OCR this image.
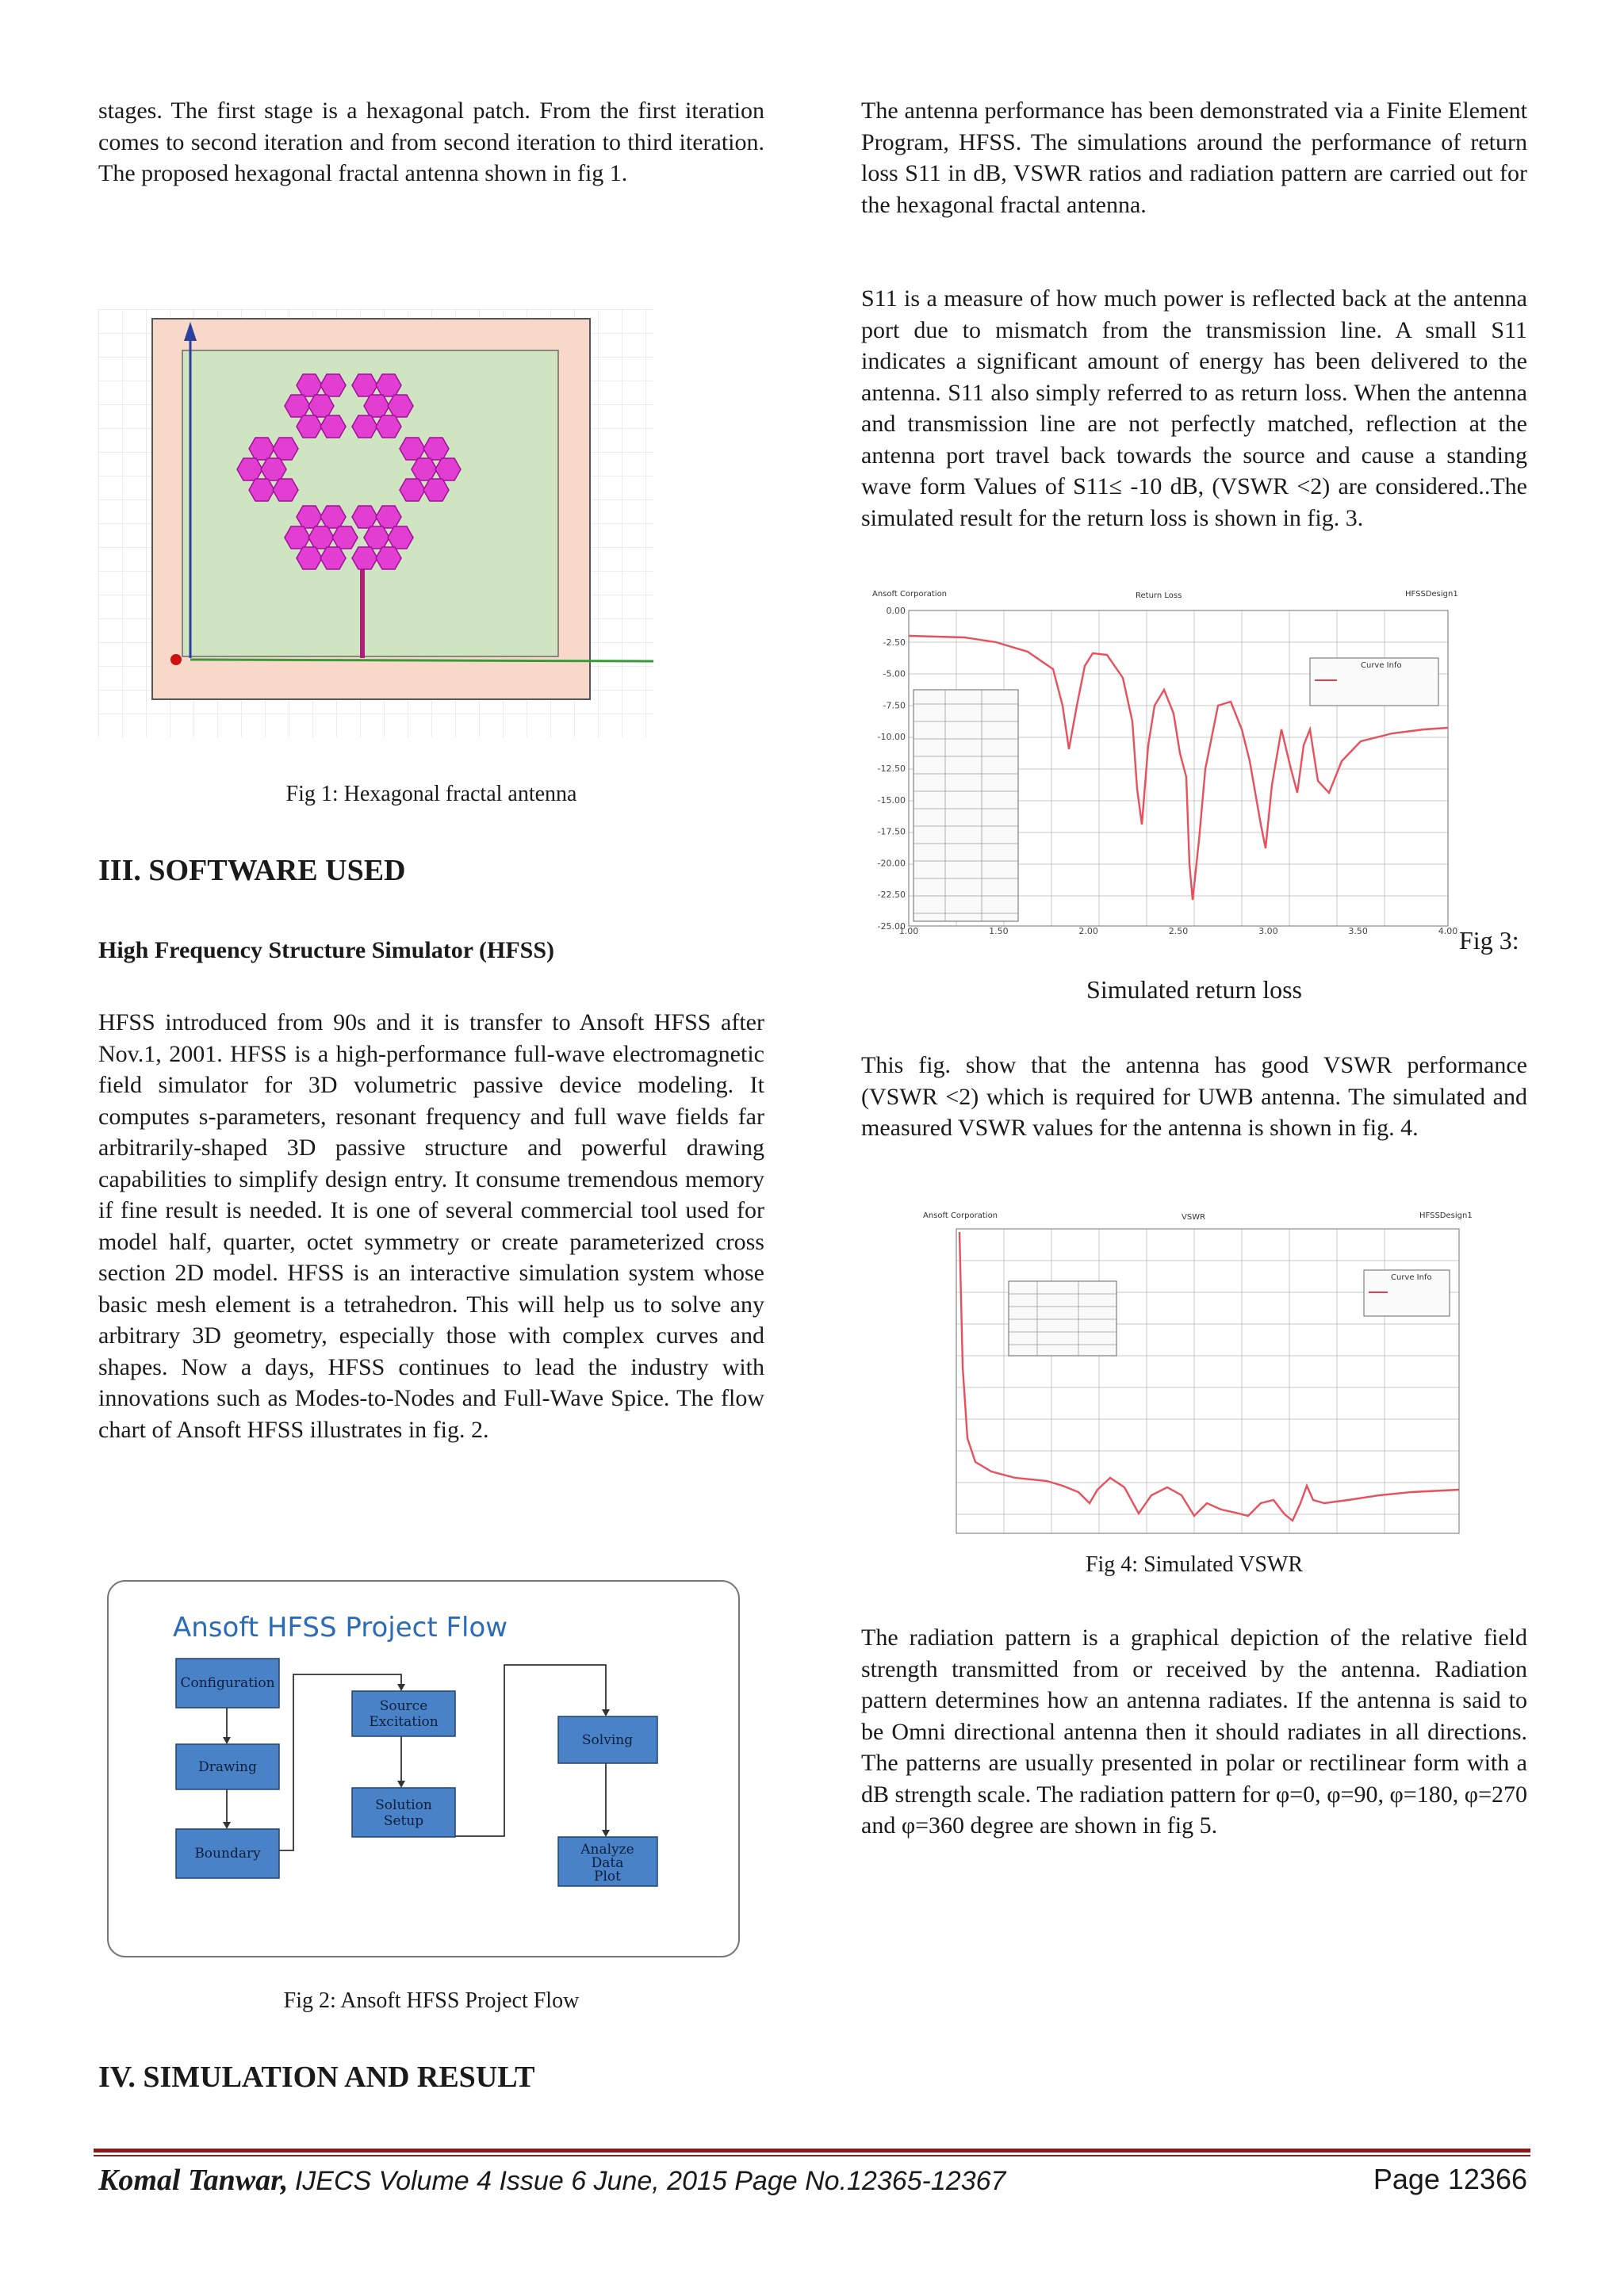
stages. The first stage is a hexagonal patch. From the first iteration comes to second iteration and from second iteration to third iteration. The proposed hexagonal fractal antenna shown in fig 1.

Fig 1: Hexagonal fractal antenna
III. SOFTWARE USED
High Frequency Structure Simulator (HFSS)

HFSS introduced from 90s and it is transfer to Ansoft HFSS after Nov.1, 2001. HFSS is a high-performance full-wave electromagnetic field simulator for 3D volumetric passive device modeling. It computes s-parameters, resonant frequency and full wave fields far arbitrarily-shaped 3D passive structure and powerful drawing capabilities to simplify design entry. It consume tremendous memory if fine result is needed. It is one of several commercial tool used for model half, quarter, octet symmetry or create parameterized cross section 2D model. HFSS is an interactive simulation system whose basic mesh element is a tetrahedron. This will help us to solve any arbitrary 3D geometry, especially those with complex curves and shapes. Now a days, HFSS continues to lead the industry with innovations such as Modes-to-Nodes and Full-Wave Spice. The flow chart of Ansoft HFSS illustrates in fig. 2.

Ansoft HFSS Project Flow
Configuration
Drawing
Boundary
Source
Excitation
Solution
Setup
Solving
Analyze
Data
Plot
Fig 2: Ansoft HFSS Project Flow
IV. SIMULATION AND RESULT

The antenna performance has been demonstrated via a Finite Element Program, HFSS. The simulations around the performance of return loss S11 in dB, VSWR ratios and radiation pattern are carried out for the hexagonal fractal antenna.

S11 is a measure of how much power is reflected back at the antenna port due to mismatch from the transmission line. A small S11 indicates a significant amount of energy has been delivered to the antenna. S11 also simply referred to as return loss. When the antenna and transmission line are not perfectly matched, reflection at the antenna port travel back towards the source and cause a standing wave form Values of S11≤ -10 dB, (VSWR <2) are considered..The simulated result for the return loss is shown in fig. 3.

Ansoft Corporation	Return Loss	HFSSDesign1
0.00
-2.50
-5.00
-7.50
-10.00
-12.50
-15.00
-17.50
-20.00
-22.50
-25.00
1.00	1.50	2.00	2.50	3.00	3.50	4.00
Curve Info
Fig 3:
Simulated return loss

This fig. show that the antenna has good VSWR performance (VSWR <2) which is required for UWB antenna. The simulated and measured VSWR values for the antenna is shown in fig. 4.

Ansoft Corporation	VSWR	HFSSDesign1
Curve Info
Fig 4: Simulated VSWR

The radiation pattern is a graphical depiction of the relative field strength transmitted from or received by the antenna. Radiation pattern determines how an antenna radiates. If the antenna is said to be Omni directional antenna then it should radiates in all directions. The patterns are usually presented in polar or rectilinear form with a dB strength scale. The radiation pattern for φ=0, φ=90, φ=180, φ=270 and φ=360 degree are shown in fig 5.

Komal Tanwar, IJECS Volume 4 Issue 6 June, 2015 Page No.12365-12367	Page 12366
